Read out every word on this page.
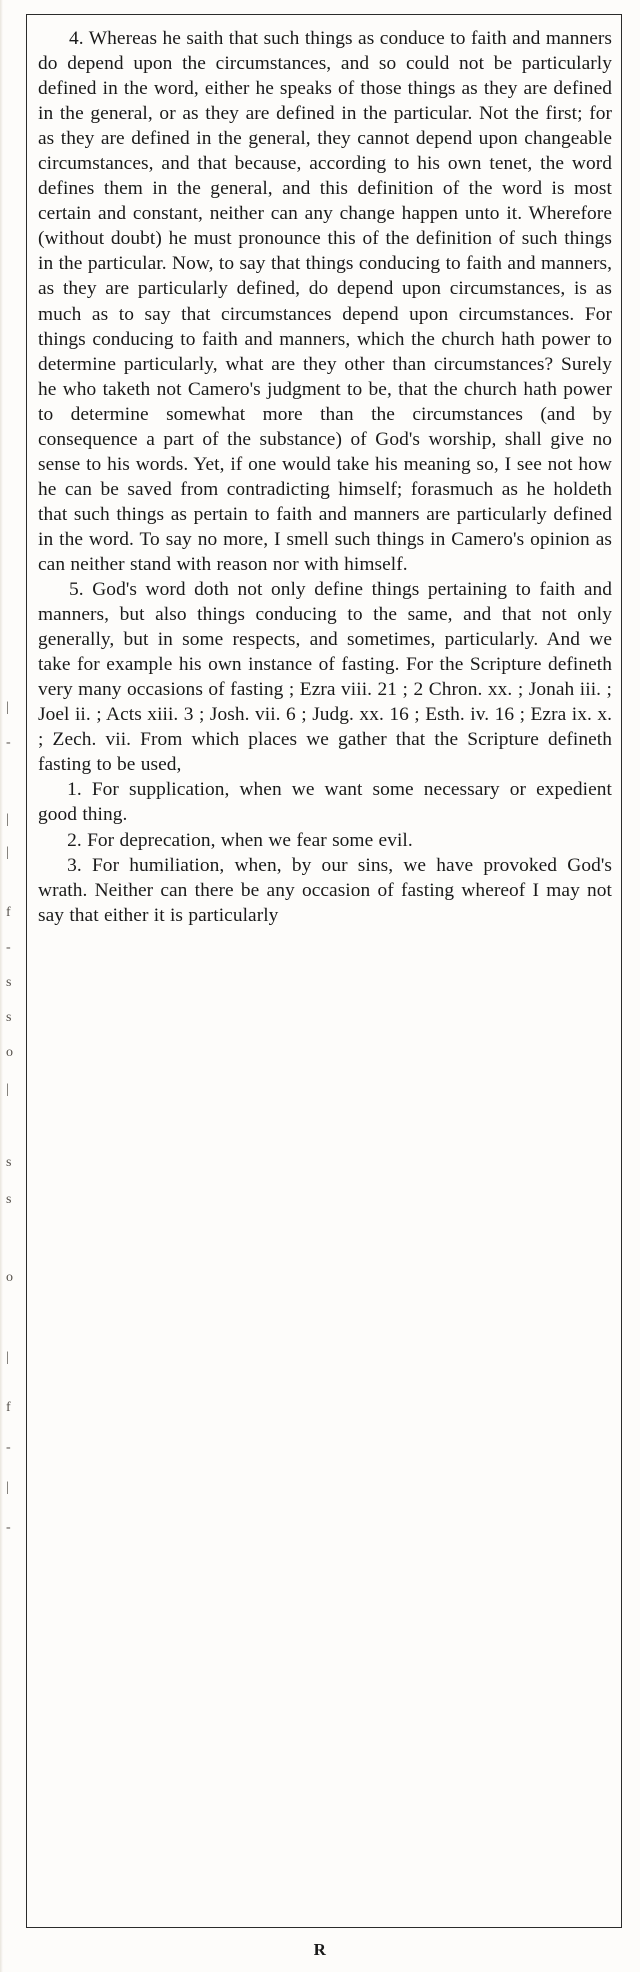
|
-
|
|
f
-
s
s
o
|
s
s
o
|
f
-
|
-

4. Whereas he saith that such things as conduce to faith and manners do depend upon the circumstances, and so could not be particularly defined in the word, either he speaks of those things as they are defined in the general, or as they are defined in the particular. Not the first; for as they are defined in the general, they cannot depend upon changeable circumstances, and that because, according to his own tenet, the word defines them in the general, and this definition of the word is most certain and constant, neither can any change happen unto it. Wherefore (without doubt) he must pronounce this of the definition of such things in the particular. Now, to say that things conducing to faith and manners, as they are particularly defined, do depend upon circumstances, is as much as to say that circumstances depend upon circumstances. For things conducing to faith and manners, which the church hath power to determine particularly, what are they other than circumstances? Surely he who taketh not Camero's judgment to be, that the church hath power to determine somewhat more than the circumstances (and by consequence a part of the substance) of God's worship, shall give no sense to his words. Yet, if one would take his meaning so, I see not how he can be saved from contradicting himself; forasmuch as he holdeth that such things as pertain to faith and manners are particularly defined in the word. To say no more, I smell such things in Camero's opinion as can neither stand with reason nor with himself.

5. God's word doth not only define things pertaining to faith and manners, but also things conducing to the same, and that not only generally, but in some respects, and sometimes, particularly. And we take for example his own instance of fasting. For the Scripture defineth very many occasions of fasting ; Ezra viii. 21 ; 2 Chron. xx. ; Jonah iii. ; Joel ii. ; Acts xiii. 3 ; Josh. vii. 6 ; Judg. xx. 16 ; Esth. iv. 16 ; Ezra ix. x. ; Zech. vii. From which places we gather that the Scripture defineth fasting to be used,

1. For supplication, when we want some necessary or expedient good thing.

2. For deprecation, when we fear some evil.

3. For humiliation, when, by our sins, we have provoked God's wrath. Neither can there be any occasion of fasting whereof I may not say that either it is particularly

R
